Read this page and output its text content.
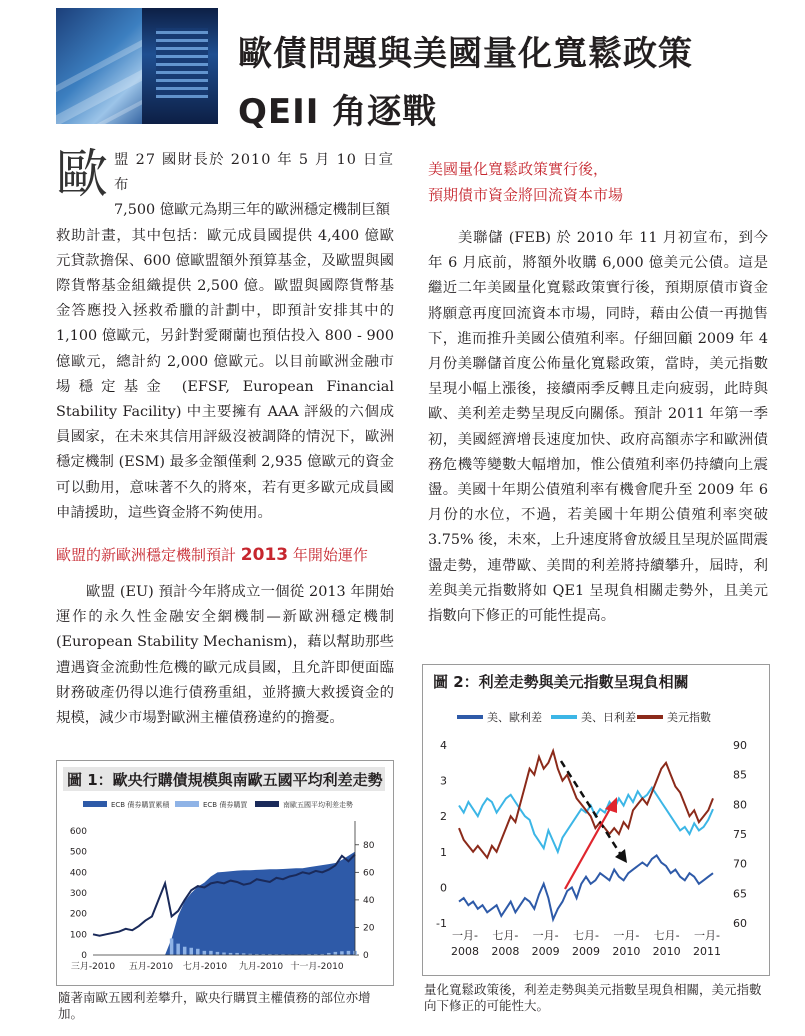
歐債問題與美國量化寬鬆政策
QEII 角逐戰
歐 盟 27 國財長於 2010 年 5 月 10 日宣布
7,500 億歐元為期三年的歐洲穩定機制巨額
救助計畫，其中包括：歐元成員國提供 4,400 億歐元貸款擔保、600 億歐盟額外預算基金，及歐盟與國際貨幣基金組織提供 2,500 億。歐盟與國際貨幣基金答應投入拯救希臘的計劃中，即預計安排其中的 1,100 億歐元，另針對愛爾蘭也預估投入 800 - 900 億歐元，總計約 2,000 億歐元。以目前歐洲金融市場穩定基金 (EFSF, European Financial Stability Facility) 中主要擁有 AAA 評級的六個成員國家，在未來其信用評級沒被調降的情況下，歐洲穩定機制 (ESM) 最多金額僅剩 2,935 億歐元的資金可以動用，意味著不久的將來，若有更多歐元成員國申請援助，這些資金將不夠使用。
歐盟的新歐洲穩定機制預計 2013 年開始運作
歐盟 (EU) 預計今年將成立一個從 2013 年開始運作的永久性金融安全網機制—新歐洲穩定機制 (European Stability Mechanism)，藉以幫助那些遭遇資金流動性危機的歐元成員國，且允許即便面臨財務破產仍得以進行債務重組，並將擴大救援資金的規模，減少市場對歐洲主權債務違約的擔憂。
美國量化寬鬆政策實行後，
預期債市資金將回流資本市場
美聯儲 (FEB) 於 2010 年 11 月初宣布，到今年 6 月底前，將額外收購 6,000 億美元公債。這是繼近二年美國量化寬鬆政策實行後，預期原債市資金將願意再度回流資本市場，同時，藉由公債一再拋售下，進而推升美國公債殖利率。仔細回顧 2009 年 4 月份美聯儲首度公佈量化寬鬆政策，當時，美元指數呈現小幅上漲後，接續兩季反轉且走向疲弱，此時與歐、美利差走勢呈現反向關係。預計 2011 年第一季初，美國經濟增長速度加快、政府高額赤字和歐洲債務危機等變數大幅增加，惟公債殖利率仍持續向上震盪。美國十年期公債殖利率有機會爬升至 2009 年 6 月份的水位，不過，若美國十年期公債殖利率突破 3.75% 後，未來，上升速度將會放緩且呈現於區間震盪走勢，連帶歐、美間的利差將持續攀升，屆時，利差與美元指數將如 QE1 呈現負相關走勢外，且美元指數向下修正的可能性提高。
圖 1：歐央行購債規模與南歐五國平均利差走勢
ECB 債券購買累積	ECB 債券購買	南歐五國平均利差走勢
0
100
200
300
400
500
600
0
20
40
60
80
三月-2010 五月-2010 七月-2010 九月-2010 十一月-2010
隨著南歐五國利差攀升，歐央行購買主權債務的部位亦增加。
圖 2：利差走勢與美元指數呈現負相關
美、歐利差	美、日利差	美元指數
-1
0
1
2
3
4
60
65
70
75
80
85
90
一月-
2008
七月-
2008
一月-
2009
七月-
2009
一月-
2010
七月-
2010
一月-
2011
量化寬鬆政策後，利差走勢與美元指數呈現負相關，美元指數向下修正的可能性大。
